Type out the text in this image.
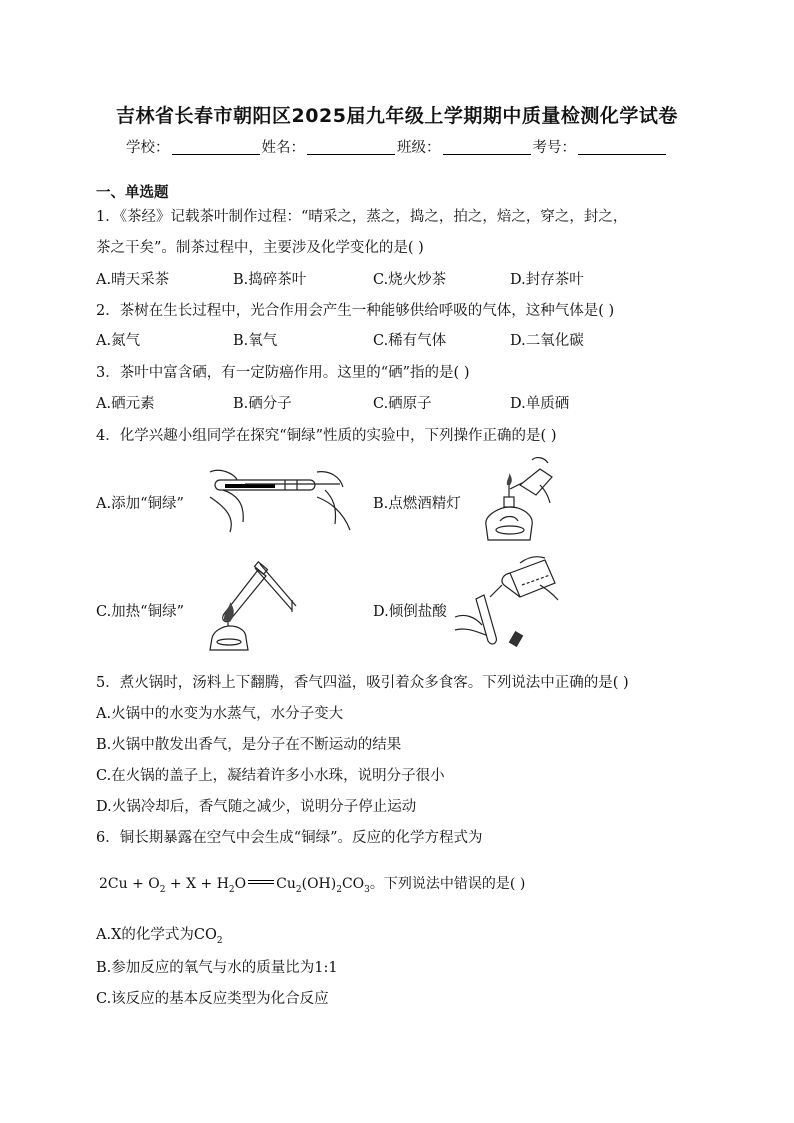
吉林省长春市朝阳区2025届九年级上学期期中质量检测化学试卷
学校：	姓名：	班级：	考号：
一、单选题
1．《茶经》记载茶叶制作过程：“晴采之，蒸之，捣之，拍之，焙之，穿之，封之，
茶之干矣”。制茶过程中，主要涉及化学变化的是( )
A.晴天采茶	B.捣碎茶叶	C.烧火炒茶	D.封存茶叶
2．茶树在生长过程中，光合作用会产生一种能够供给呼吸的气体，这种气体是( )
A.氮气	B.氧气	C.稀有气体	D.二氧化碳
3．茶叶中富含硒，有一定防癌作用。这里的“硒”指的是( )
A.硒元素	B.硒分子	C.硒原子	D.单质硒
4．化学兴趣小组同学在探究“铜绿”性质的实验中，下列操作正确的是( )
A.添加“铜绿”	B.点燃酒精灯
C.加热“铜绿”	D.倾倒盐酸
5．煮火锅时，汤料上下翻腾，香气四溢，吸引着众多食客。下列说法中正确的是( )
A.火锅中的水变为水蒸气，水分子变大
B.火锅中散发出香气，是分子在不断运动的结果
C.在火锅的盖子上，凝结着许多小水珠，说明分子很小
D.火锅冷却后，香气随之减少，说明分子停止运动
6．铜长期暴露在空气中会生成“铜绿”。反应的化学方程式为
$2Cu + O_2 + X + H_2O$ $Cu_2(OH)_2CO_3$。下列说法中错误的是( )
A.X的化学式为$CO_2$
B.参加反应的氧气与水的质量比为1:1
C.该反应的基本反应类型为化合反应
